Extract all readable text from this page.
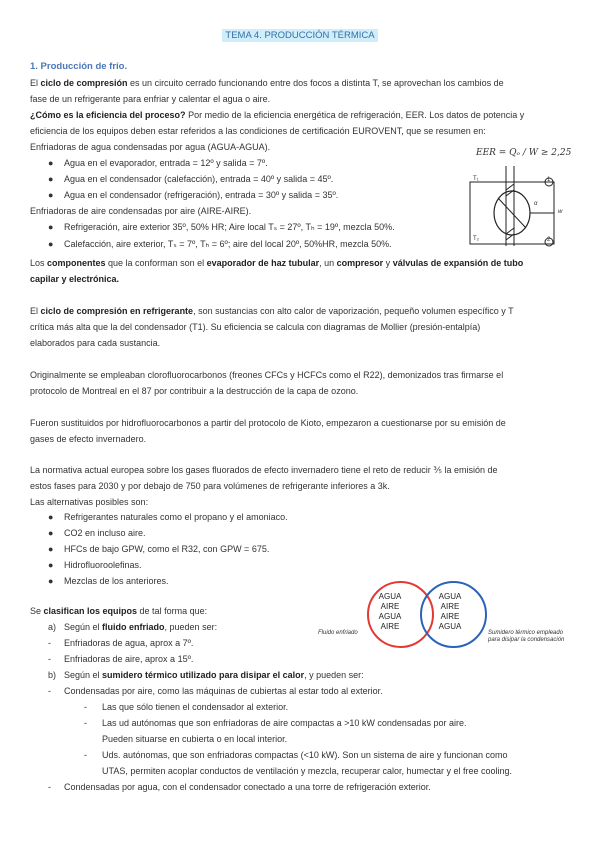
TEMA 4. PRODUCCIÓN TÉRMICA
1. Producción de frío.
El ciclo de compresión es un circuito cerrado funcionando entre dos focos a distinta T, se aprovechan los cambios de
fase de un refrigerante para enfriar y calentar el agua o aire.
¿Cómo es la eficiencia del proceso? Por medio de la eficiencia energética de refrigeración, EER. Los datos de potencia y
eficiencia de los equipos deben estar referidos a las condiciones de certificación EUROVENT, que se resumen en:
Enfriadoras de agua condensadas por agua (AGUA-AGUA).
● Agua en el evaporador, entrada = 12º y salida = 7º.
● Agua en el condensador (calefacción), entrada = 40º y salida = 45º.
● Agua en el condensador (refrigeración), entrada = 30º y salida = 35º.
Enfriadoras de aire condensadas por aire (AIRE-AIRE).
● Refrigeración, aire exterior 35º, 50% HR; Aire local Tₛ = 27º, Tₕ = 19º, mezcla 50%.
● Calefacción, aire exterior, Tₛ = 7º, Tₕ = 6º; aire del local 20º, 50%HR, mezcla 50%.
EER = Qₒ / W ≥ 2,25
T₁
T₂
1
2
α
w
Los componentes que la conforman son el evaporador de haz tubular, un compresor y válvulas de expansión de tubo
capilar y electrónica.
El ciclo de compresión en refrigerante, son sustancias con alto calor de vaporización, pequeño volumen específico y T
crítica más alta que la del condensador (T1). Su eficiencia se calcula con diagramas de Mollier (presión-entalpía)
elaborados para cada sustancia.
Originalmente se empleaban clorofluorocarbonos (freones CFCs y HCFCs como el R22), demonizados tras firmarse el
protocolo de Montreal en el 87 por contribuir a la destrucción de la capa de ozono.
Fueron sustituidos por hidrofluorocarbonos a partir del protocolo de Kioto, empezaron a cuestionarse por su emisión de
gases de efecto invernadero.
La normativa actual europea sobre los gases fluorados de efecto invernadero tiene el reto de reducir ⅗ la emisión de
estos fases para 2030 y por debajo de 750 para volúmenes de refrigerante inferiores a 3k.
Las alternativas posibles son:
● Refrigerantes naturales como el propano y el amoniaco.
● CO2 en incluso aire.
● HFCs de bajo GPW, como el R32, con GPW = 675.
● Hidrofluoroolefinas.
● Mezclas de los anteriores.
AGUA
AIRE
AGUA
AIRE
AGUA
AIRE
AIRE
AGUA
Fluido enfriado	Sumidero térmico empleado
para disipar la condensación
Se clasifican los equipos de tal forma que:
a) Según el fluido enfriado, pueden ser:
- Enfriadoras de agua, aprox a 7º.
- Enfriadoras de aire, aprox a 15º.
b) Según el sumidero térmico utilizado para disipar el calor, y pueden ser:
- Condensadas por aire, como las máquinas de cubiertas al estar todo al exterior.
- Las que sólo tienen el condensador al exterior.
- Las ud autónomas que son enfriadoras de aire compactas a >10 kW condensadas por aire.
Pueden situarse en cubierta o en local interior.
- Uds. autónomas, que son enfriadoras compactas (<10 kW). Son un sistema de aire y funcionan como
UTAS, permiten acoplar conductos de ventilación y mezcla, recuperar calor, humectar y el free cooling.
- Condensadas por agua, con el condensador conectado a una torre de refrigeración exterior.
